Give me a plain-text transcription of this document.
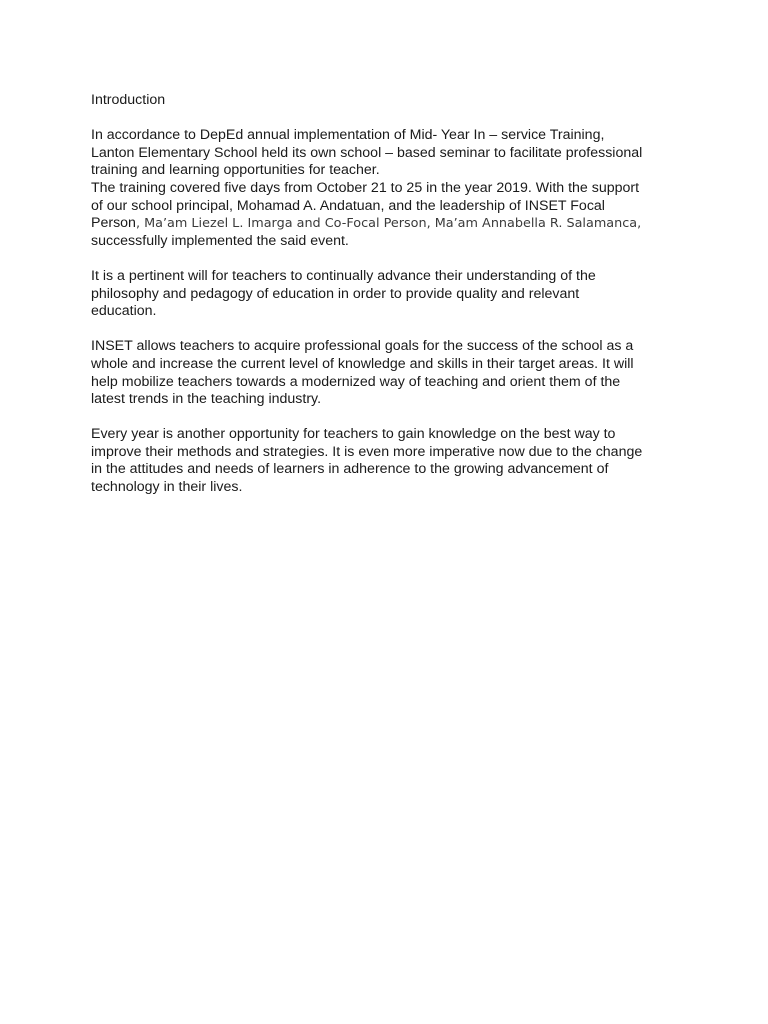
Introduction
In accordance to DepEd annual implementation of Mid- Year In – service Training,
Lanton Elementary School held its own school – based seminar to facilitate professional
training and learning opportunities for teacher.
The training covered five days from October 21 to 25 in the year 2019. With the support
of our school principal, Mohamad A. Andatuan, and the leadership of INSET Focal
Person, Ma’am Liezel L. Imarga and Co-Focal Person, Ma’am Annabella R. Salamanca,
successfully implemented the said event.
It is a pertinent will for teachers to continually advance their understanding of the
philosophy and pedagogy of education in order to provide quality and relevant
education.
INSET allows teachers to acquire professional goals for the success of the school as a
whole and increase the current level of knowledge and skills in their target areas. It will
help mobilize teachers towards a modernized way of teaching and orient them of the
latest trends in the teaching industry.
Every year is another opportunity for teachers to gain knowledge on the best way to
improve their methods and strategies. It is even more imperative now due to the change
in the attitudes and needs of learners in adherence to the growing advancement of
technology in their lives.
